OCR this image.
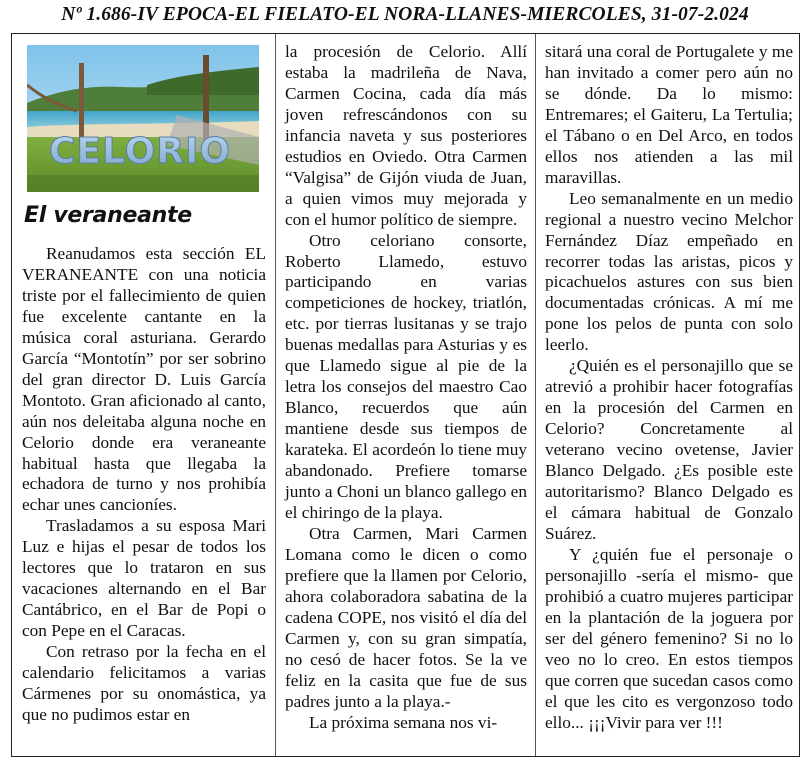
Nº 1.686-IV EPOCA-EL FIELATO-EL NORA-LLANES-MIERCOLES, 31-07-2.024
CELORIO
El veraneante

Reanudamos esta sección EL VERANEANTE con una noticia triste por el fallecimiento de quien fue excelente cantante en la música coral asturiana. Gerardo García “Montotín” por ser sobrino del gran director D. Luis García Montoto. Gran aficionado al canto, aún nos deleitaba alguna noche en Celorio donde era veraneante habitual hasta que llegaba la echadora de turno y nos prohibía echar unes cancioníes.

Trasladamos a su esposa Mari Luz e hijas el pesar de todos los lectores que lo trataron en sus vacaciones alternando en el Bar Cantábrico, en el Bar de Popi o con Pepe en el Caracas.

Con retraso por la fecha en el calendario felicitamos a varias Cármenes por su onomástica, ya que no pudimos estar en

la procesión de Celorio. Allí estaba la madrileña de Nava, Carmen Cocina, cada día más joven refrescándonos con su infancia naveta y sus posteriores estudios en Oviedo. Otra Carmen “Valgisa” de Gijón viuda de Juan, a quien vimos muy mejorada y con el humor político de siempre.

Otro celoriano consorte, Roberto Llamedo, estuvo participando en varias competiciones de hockey, triatlón, etc. por tierras lusitanas y se trajo buenas medallas para Asturias y es que Llamedo sigue al pie de la letra los consejos del maestro Cao Blanco, recuerdos que aún mantiene desde sus tiempos de karateka. El acordeón lo tiene muy abandonado. Prefiere tomarse junto a Choni un blanco gallego en el chiringo de la playa.

Otra Carmen, Mari Carmen Lomana como le dicen o como prefiere que la llamen por Celorio, ahora colaboradora sabatina de la cadena COPE, nos visitó el día del Carmen y, con su gran simpatía, no cesó de hacer fotos. Se la ve feliz en la casita que fue de sus padres junto a la playa.-

La próxima semana nos vi-

sitará una coral de Portugalete y me han invitado a comer pero aún no se dónde. Da lo mismo: Entremares; el Gaiteru, La Tertulia; el Tábano o en Del Arco, en todos ellos nos atienden a las mil maravillas.

Leo semanalmente en un medio regional a nuestro vecino Melchor Fernández Díaz empeñado en recorrer todas las aristas, picos y picachuelos astures con sus bien documentadas crónicas. A mí me pone los pelos de punta con solo leerlo.

¿Quién es el personajillo que se atrevió a prohibir hacer fotografías en la procesión del Carmen en Celorio? Concretamente al veterano vecino ovetense, Javier Blanco Delgado. ¿Es posible este autoritarismo? Blanco Delgado es el cámara habitual de Gonzalo Suárez.

Y ¿quién fue el personaje o personajillo -sería el mismo- que prohibió a cuatro mujeres participar en la plantación de la joguera por ser del género femenino? Si no lo veo no lo creo. En estos tiempos que corren que sucedan casos como el que les cito es vergonzoso todo ello... ¡¡¡Vivir para ver !!!
